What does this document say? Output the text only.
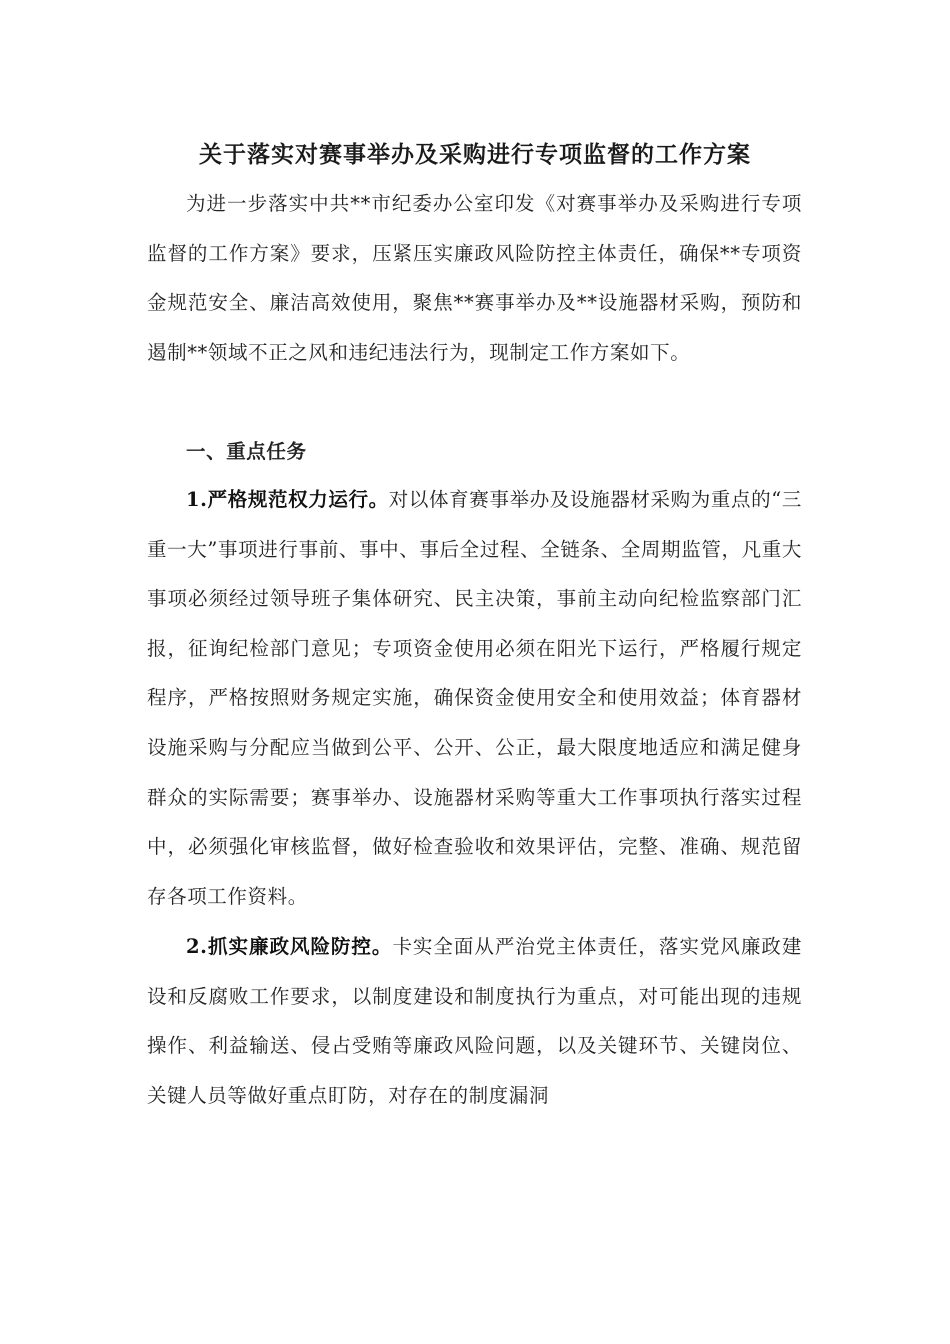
关于落实对赛事举办及采购进行专项监督的工作方案
为进一步落实中共**市纪委办公室印发《对赛事举办及采购进行专项监督的工作方案》要求，压紧压实廉政风险防控主体责任，确保**专项资金规范安全、廉洁高效使用，聚焦**赛事举办及**设施器材采购，预防和遏制**领域不正之风和违纪违法行为，现制定工作方案如下。
一、重点任务
1.严格规范权力运行。对以体育赛事举办及设施器材采购为重点的“三重一大”事项进行事前、事中、事后全过程、全链条、全周期监管，凡重大事项必须经过领导班子集体研究、民主决策，事前主动向纪检监察部门汇报，征询纪检部门意见；专项资金使用必须在阳光下运行，严格履行规定程序，严格按照财务规定实施，确保资金使用安全和使用效益；体育器材设施采购与分配应当做到公平、公开、公正，最大限度地适应和满足健身群众的实际需要；赛事举办、设施器材采购等重大工作事项执行落实过程中，必须强化审核监督，做好检查验收和效果评估，完整、准确、规范留存各项工作资料。
2.抓实廉政风险防控。卡实全面从严治党主体责任，落实党风廉政建设和反腐败工作要求，以制度建设和制度执行为重点，对可能出现的违规操作、利益输送、侵占受贿等廉政风险问题，以及关键环节、关键岗位、关键人员等做好重点盯防，对存在的制度漏洞
